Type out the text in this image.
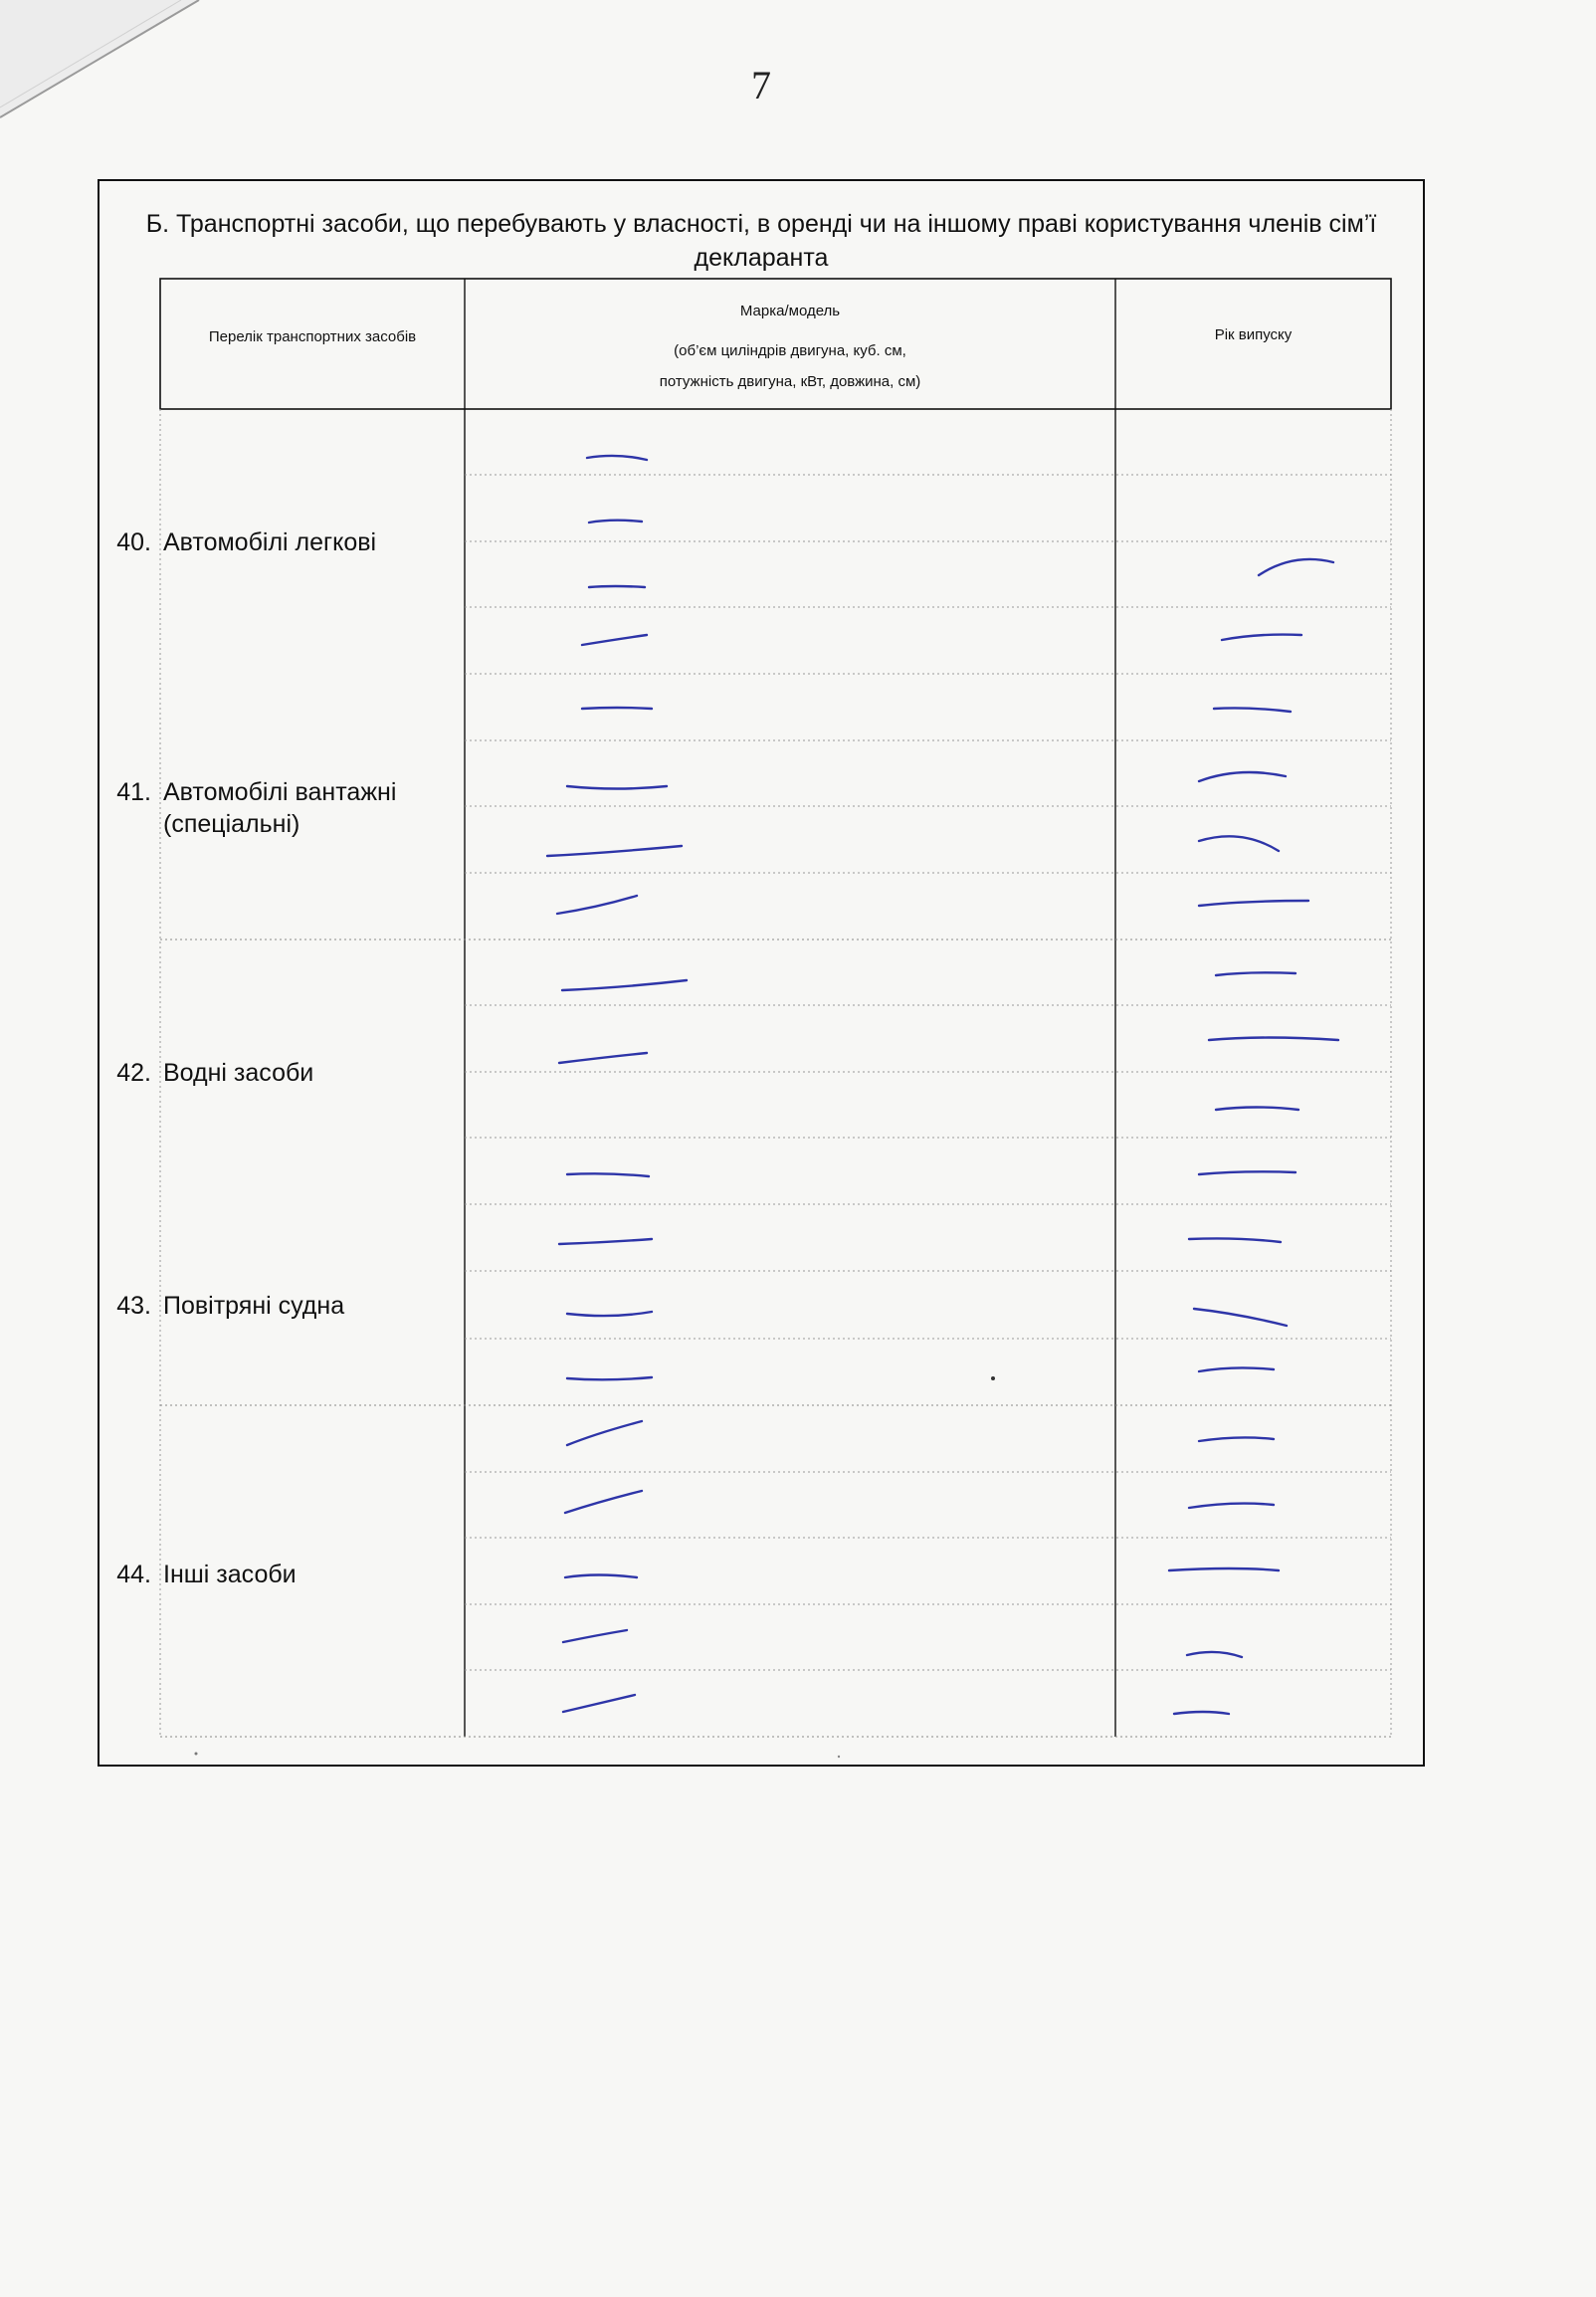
7
Б. Транспортні засоби, що перебувають у власності, в оренді чи на іншому праві користування членів сім’ї декларанта
Перелік транспортних засобів
Марка/модель
(об’єм циліндрів двигуна, куб. см,
потужність двигуна, кВт, довжина, см)
Рік випуску
40. Автомобілі легкові
41. Автомобілі вантажні
(спеціальні)
42. Водні засоби
43. Повітряні судна
44. Інші засоби
